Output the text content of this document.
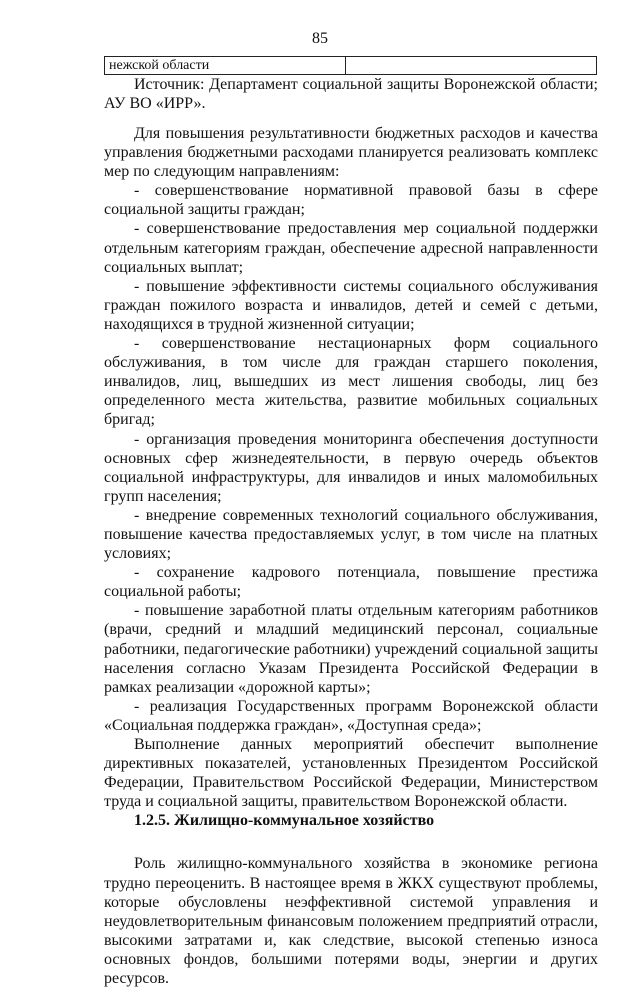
85
нежской области	

Источник: Департамент социальной защиты Воронежской области; АУ ВО «ИРР».

Для повышения результативности бюджетных расходов и качества управления бюджетными расходами планируется реализовать комплекс мер по следующим направлениям:

- совершенствование нормативной правовой базы в сфере социальной защиты граждан;

- совершенствование предоставления мер социальной поддержки отдельным категориям граждан, обеспечение адресной направленности социальных выплат;

- повышение эффективности системы социального обслуживания граждан пожилого возраста и инвалидов, детей и семей с детьми, находящихся в трудной жизненной ситуации;

- совершенствование нестационарных форм социального обслуживания, в том числе для граждан старшего поколения, инвалидов, лиц, вышедших из мест лишения свободы, лиц без определенного места жительства, развитие мобильных социальных бригад;

- организация проведения мониторинга обеспечения доступности основных сфер жизнедеятельности, в первую очередь объектов социальной инфраструктуры, для инвалидов и иных маломобильных групп населения;

- внедрение современных технологий социального обслуживания, повышение качества предоставляемых услуг, в том числе на платных условиях;

- сохранение кадрового потенциала, повышение престижа социальной работы;

- повышение заработной платы отдельным категориям работников (врачи, средний и младший медицинский персонал, социальные работники, педагогические работники) учреждений социальной защиты населения согласно Указам Президента Российской Федерации в рамках реализации «дорожной карты»;

- реализация Государственных программ Воронежской области «Социальная поддержка граждан», «Доступная среда»;

Выполнение данных мероприятий обеспечит выполнение директивных показателей, установленных Президентом Российской Федерации, Правительством Российской Федерации, Министерством труда и социальной защиты, правительством Воронежской области.

1.2.5. Жилищно-коммунальное хозяйство

Роль жилищно-коммунального хозяйства в экономике региона трудно переоценить. В настоящее время в ЖКХ существуют проблемы, которые обусловлены неэффективной системой управления и неудовлетворительным финансовым положением предприятий отрасли, высокими затратами и, как следствие, высокой степенью износа основных фондов, большими потерями воды, энергии и других ресурсов.
